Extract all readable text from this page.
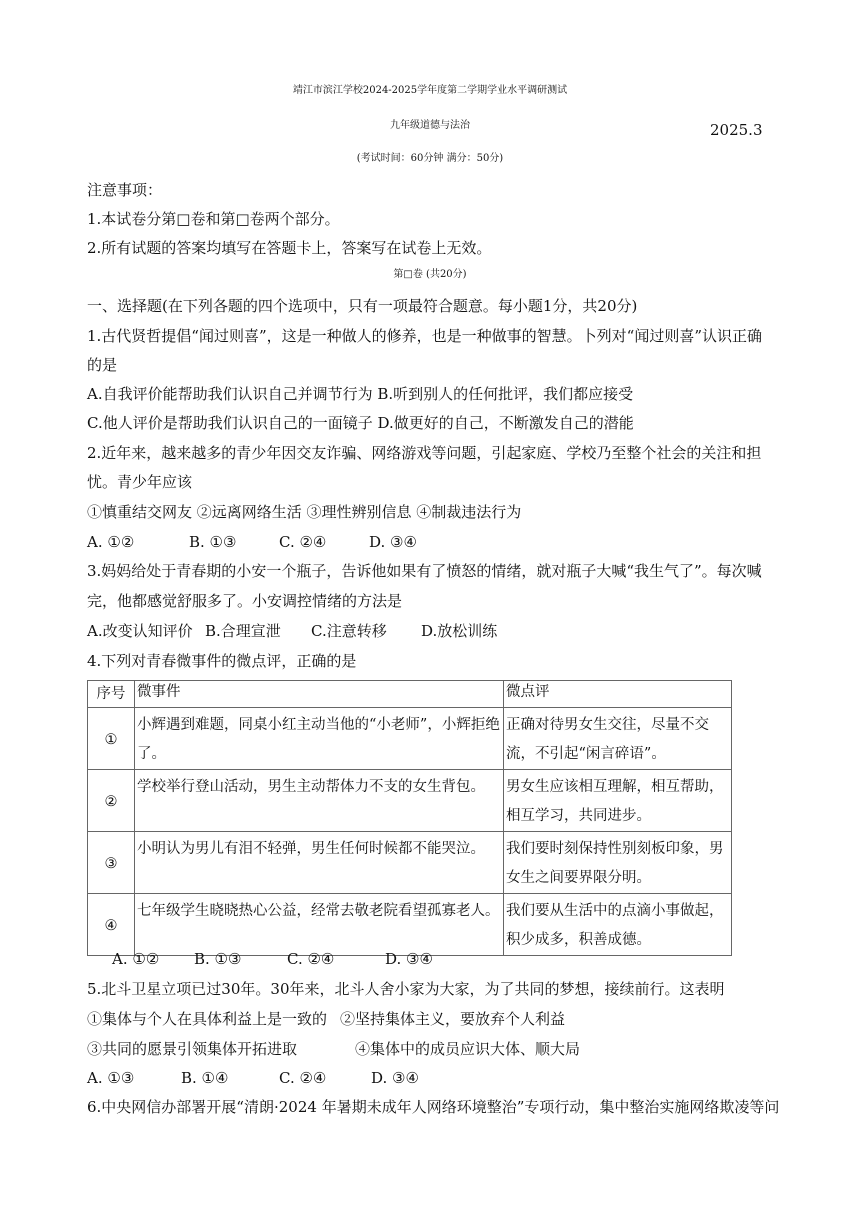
靖江市滨江学校2024-2025学年度第二学期学业水平调研测试
九年级道德与法治	2025.3
(考试时间：60分钟 满分：50分)
注意事项：
1.本试卷分第□卷和第□卷两个部分。
2.所有试题的答案均填写在答题卡上，答案写在试卷上无效。
第□卷 (共20分)
一、选择题(在下列各题的四个选项中，只有一项最符合题意。每小题1分，共20分)
1.古代贤哲提倡“闻过则喜”，这是一种做人的修养，也是一种做事的智慧。卜列对“闻过则喜”认识正确
的是
A.自我评价能帮助我们认识自己并调节行为 B.听到别人的任何批评，我们都应接受
C.他人评价是帮助我们认识自己的一面镜子 D.做更好的自己，不断激发自己的潜能
2.近年来，越来越多的青少年因交友诈骗、网络游戏等问题，引起家庭、学校乃至整个社会的关注和担
忧。青少年应该
①慎重结交网友 ②远离网络生活 ③理性辨别信息 ④制裁违法行为
A. ①②	B. ①③	C. ②④	D. ③④
3.妈妈给处于青春期的小安一个瓶子，告诉他如果有了愤怒的情绪，就对瓶子大喊“我生气了”。每次喊
完，他都感觉舒服多了。小安调控情绪的方法是
A.改变认知评价 B.合理宣泄 C.注意转移 D.放松训练
4.下列对青春微事件的微点评，正确的是
序号	微事件	微点评
①	小辉遇到难题，同桌小红主动当他的“小老师”，小辉拒绝了。	正确对待男女生交往，尽量不交流，不引起“闲言碎语”。
②	学校举行登山活动，男生主动帮体力不支的女生背包。	男女生应该相互理解，相互帮助，相互学习，共同进步。
③	小明认为男儿有泪不轻弹，男生任何时候都不能哭泣。	我们要时刻保持性别刻板印象，男女生之间要界限分明。
④	七年级学生晓晓热心公益，经常去敬老院看望孤寡老人。	我们要从生活中的点滴小事做起，积少成多，积善成德。
A. ①② B. ①③	C. ②④	D. ③④
5.北斗卫星立项已过30年。30年来，北斗人舍小家为大家，为了共同的梦想，接续前行。这表明
①集体与个人在具体利益上是一致的 ②坚持集体主义，要放弃个人利益
③共同的愿景引领集体开拓进取	④集体中的成员应识大体、顺大局
A. ①③	B. ①④	C. ②④	D. ③④
6.中央网信办部署开展“清朗·2024 年暑期未成年人网络环境整治”专项行动，集中整治实施网络欺凌等问
